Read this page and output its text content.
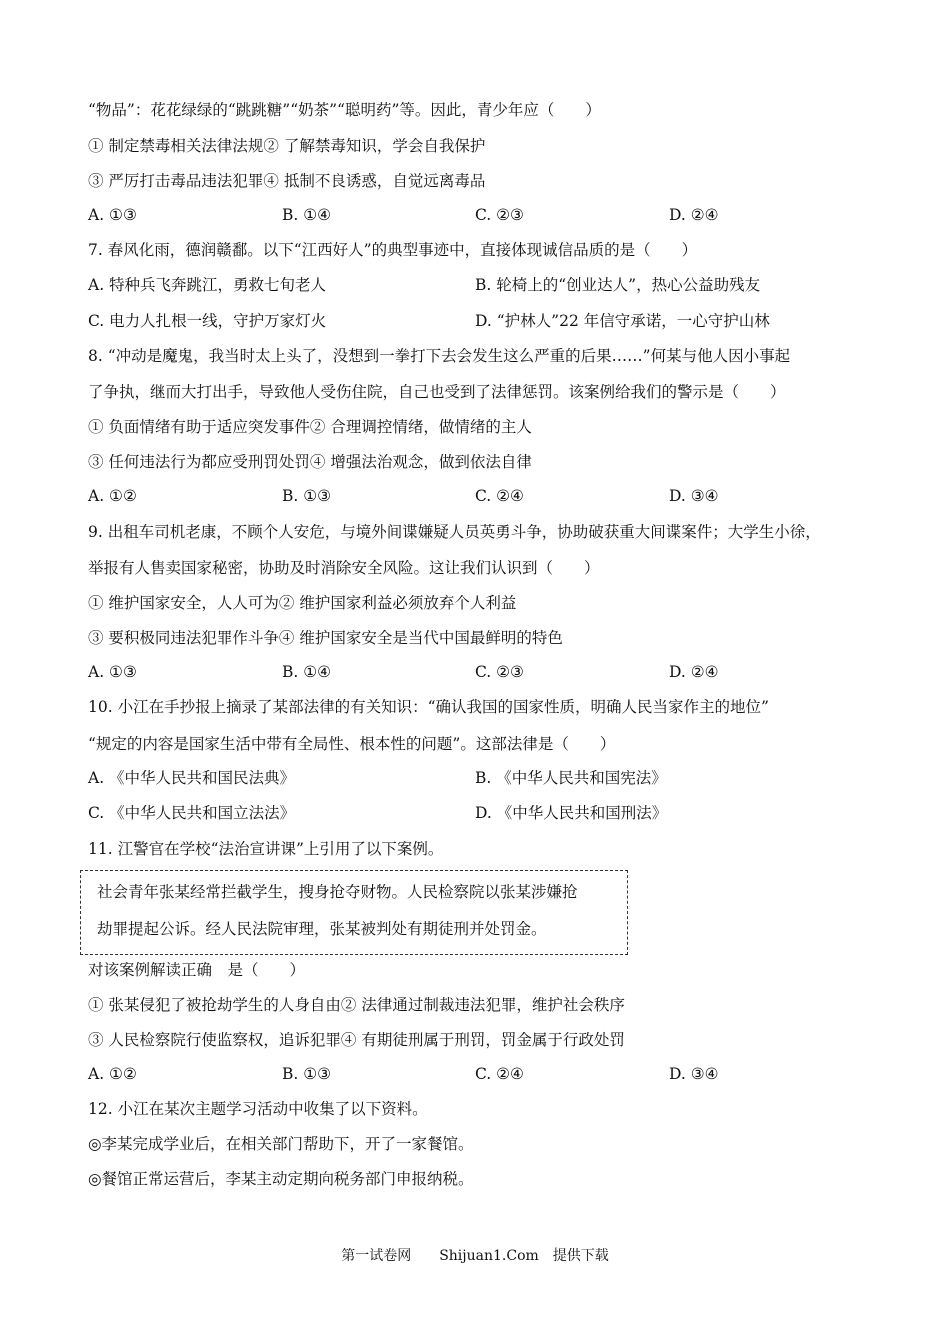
“物品”：花花绿绿的“跳跳糖”“奶茶”“聪明药”等。因此，青少年应（　　）
① 制定禁毒相关法律法规② 了解禁毒知识，学会自我保护
③ 严厉打击毒品违法犯罪④ 抵制不良诱惑，自觉远离毒品
A. ①③	B. ①④	C. ②③	D. ②④
7. 春风化雨，德润赣鄱。以下“江西好人”的典型事迹中，直接体现诚信品质的是（　　）
A. 特种兵飞奔跳江，勇救七旬老人	B. 轮椅上的“创业达人”，热心公益助残友
C. 电力人扎根一线，守护万家灯火	D. “护林人”22 年信守承诺，一心守护山林
8. “冲动是魔鬼，我当时太上头了，没想到一拳打下去会发生这么严重的后果……”何某与他人因小事起
了争执，继而大打出手，导致他人受伤住院，自己也受到了法律惩罚。该案例给我们的警示是（　　）
① 负面情绪有助于适应突发事件② 合理调控情绪，做情绪的主人
③ 任何违法行为都应受刑罚处罚④ 增强法治观念，做到依法自律
A. ①②	B. ①③	C. ②④	D. ③④
9. 出租车司机老康，不顾个人安危，与境外间谍嫌疑人员英勇斗争，协助破获重大间谍案件；大学生小徐，
举报有人售卖国家秘密，协助及时消除安全风险。这让我们认识到（　　）
① 维护国家安全，人人可为② 维护国家利益必须放弃个人利益
③ 要积极同违法犯罪作斗争④ 维护国家安全是当代中国最鲜明的特色
A. ①③	B. ①④	C. ②③	D. ②④
10. 小江在手抄报上摘录了某部法律的有关知识：“确认我国的国家性质，明确人民当家作主的地位”
“规定的内容是国家生活中带有全局性、根本性的问题”。这部法律是（　　）
A. 《中华人民共和国民法典》	B. 《中华人民共和国宪法》
C. 《中华人民共和国立法法》	D. 《中华人民共和国刑法》
11. 江警官在学校“法治宣讲课”上引用了以下案例。
社会青年张某经常拦截学生，搜身抢夺财物。人民检察院以张某涉嫌抢
劫罪提起公诉。经人民法院审理，张某被判处有期徒刑并处罚金。
对该案例解读正确　是（　　）
① 张某侵犯了被抢劫学生的人身自由② 法律通过制裁违法犯罪，维护社会秩序
③ 人民检察院行使监察权，追诉犯罪④ 有期徒刑属于刑罚，罚金属于行政处罚
A. ①②	B. ①③	C. ②④	D. ③④
12. 小江在某次主题学习活动中收集了以下资料。
◎李某完成学业后，在相关部门帮助下，开了一家餐馆。
◎餐馆正常运营后，李某主动定期向税务部门申报纳税。
第一试卷网　　Shijuan1.Com　提供下载
